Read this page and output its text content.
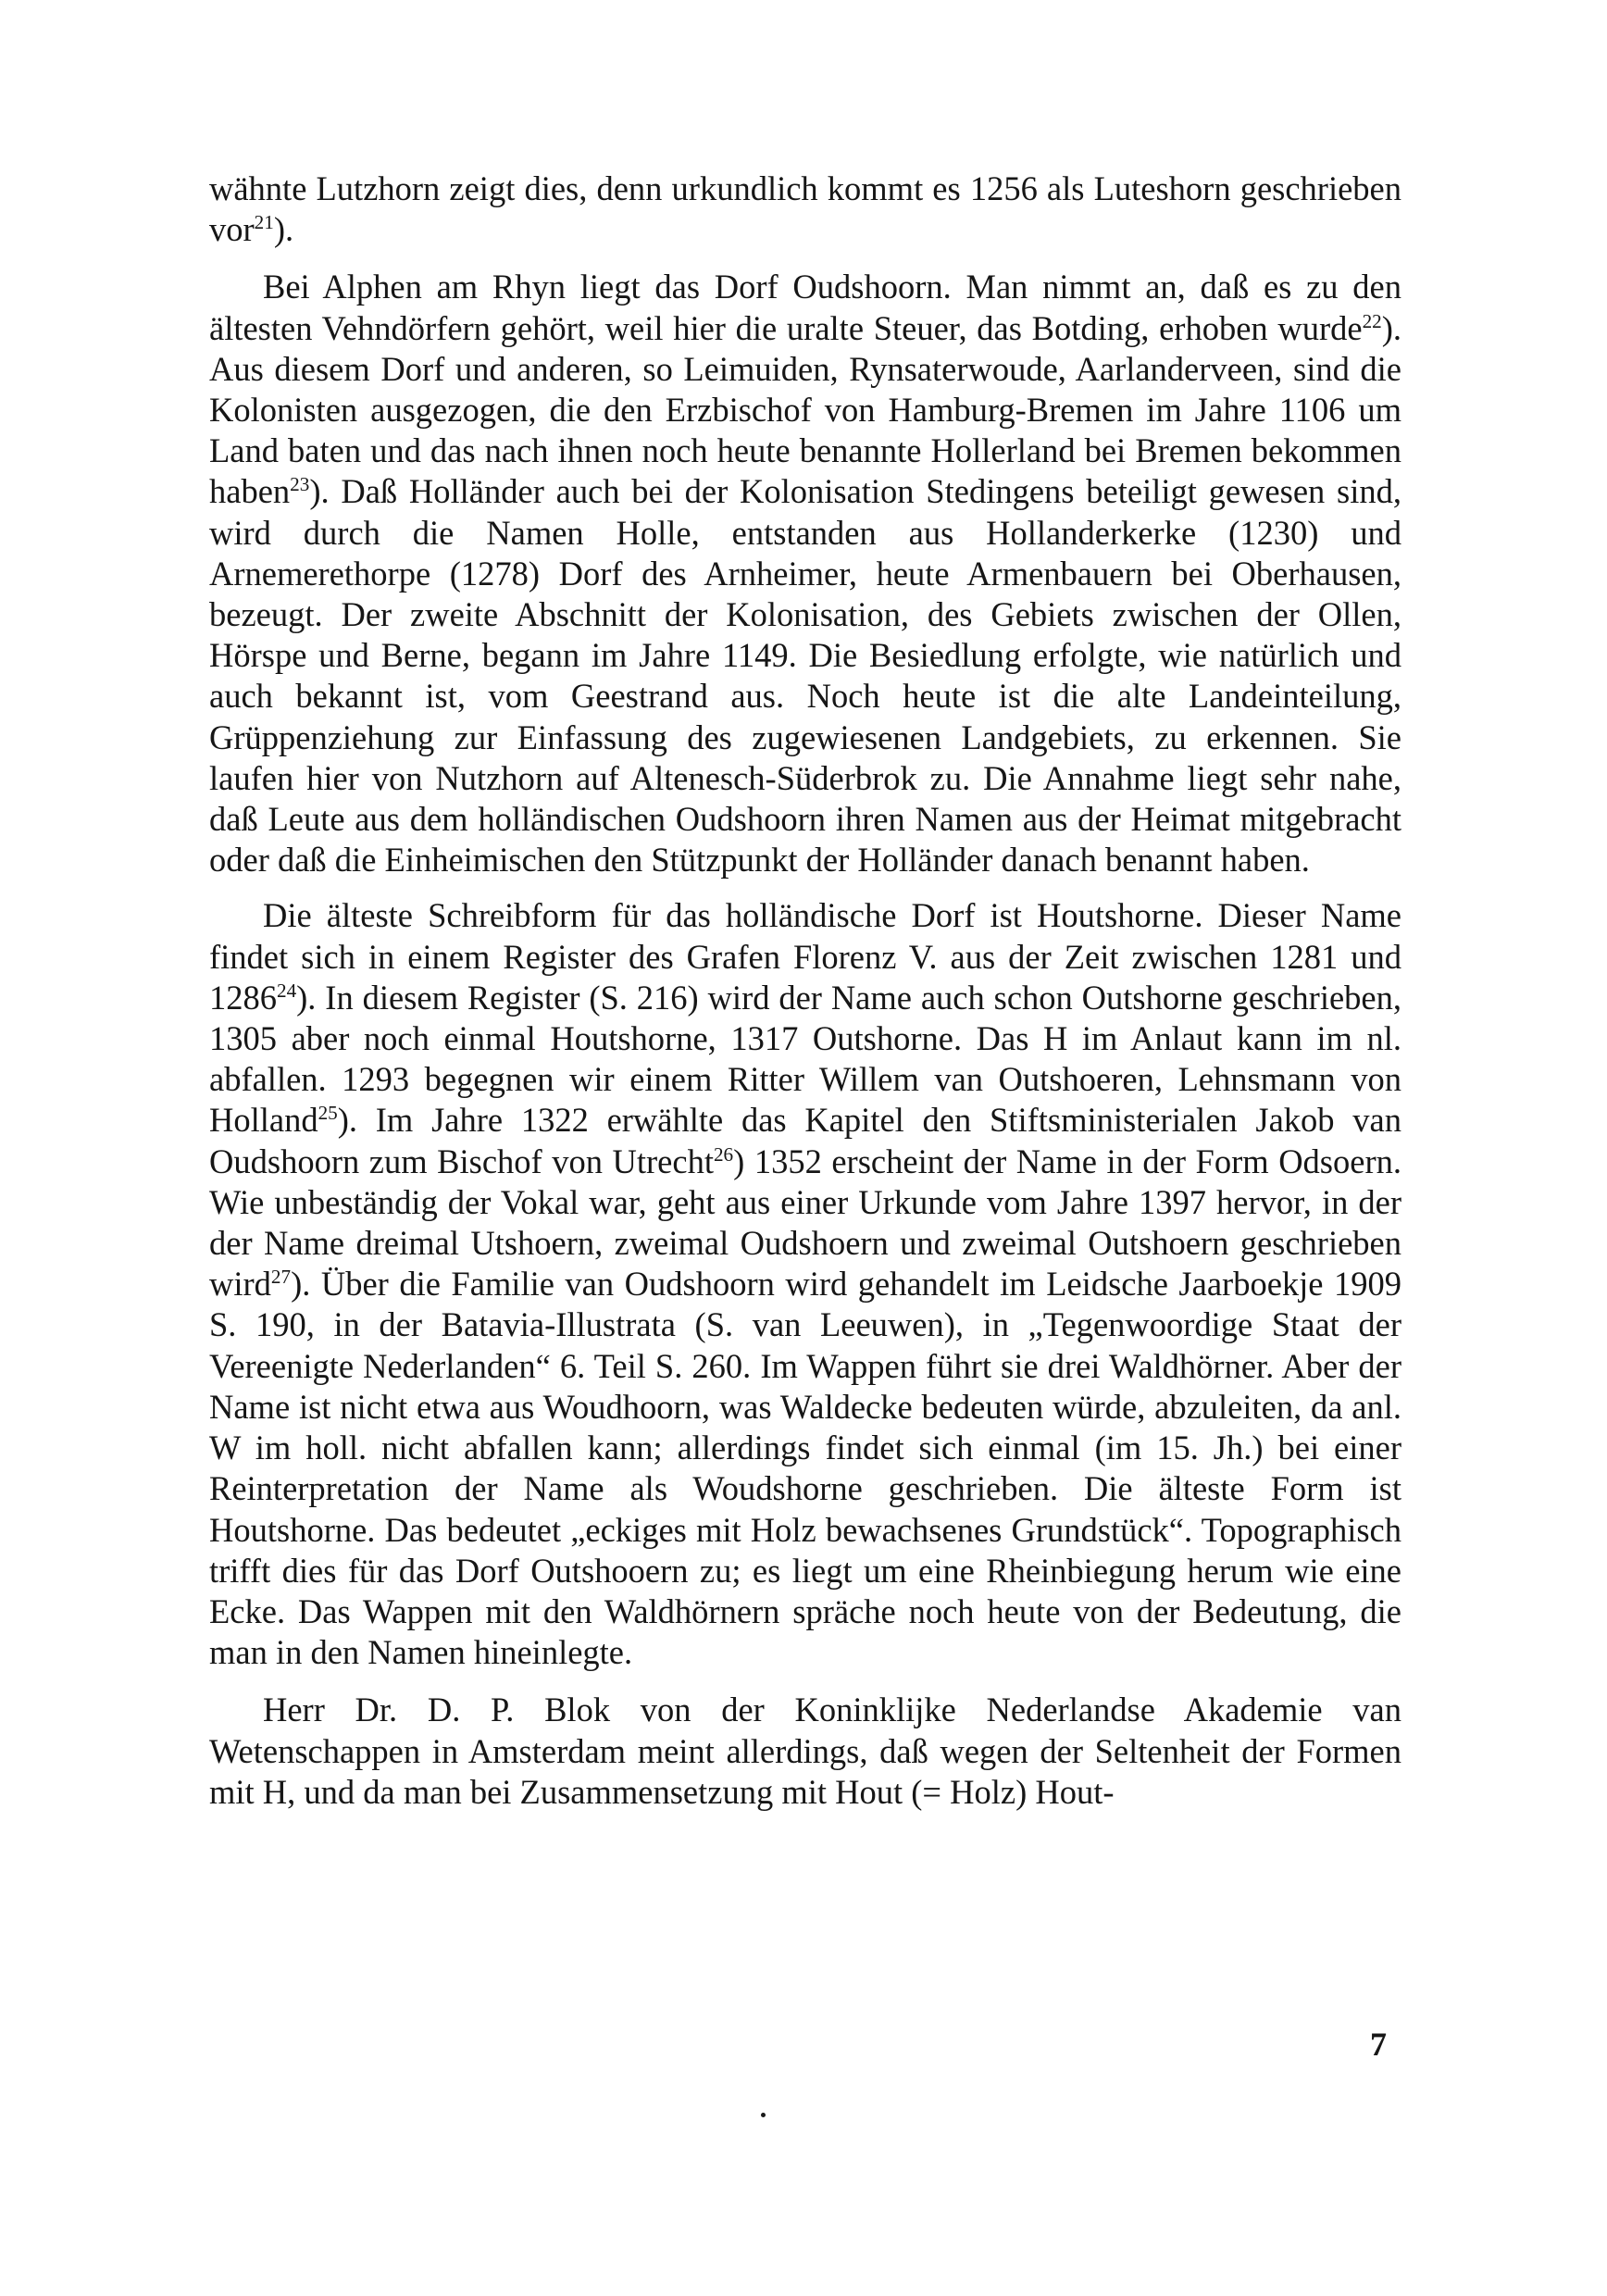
wähnte Lutzhorn zeigt dies, denn urkundlich kommt es 1256 als Luteshorn geschrieben vor$^{21}$).

Bei Alphen am Rhyn liegt das Dorf Oudshoorn. Man nimmt an, daß es zu den ältesten Vehndörfern gehört, weil hier die uralte Steuer, das Botding, erhoben wurde$^{22}$). Aus diesem Dorf und anderen, so Leimuiden, Rynsaterwoude, Aarlanderveen, sind die Kolonisten ausgezogen, die den Erzbischof von Hamburg-Bremen im Jahre 1106 um Land baten und das nach ihnen noch heute benannte Hollerland bei Bremen bekommen haben$^{23}$). Daß Holländer auch bei der Kolonisation Stedingens beteiligt gewesen sind, wird durch die Namen Holle, entstanden aus Hollanderkerke (1230) und Arnemerethorpe (1278) Dorf des Arnheimer, heute Armenbauern bei Oberhausen, bezeugt. Der zweite Abschnitt der Kolonisation, des Gebiets zwischen der Ollen, Hörspe und Berne, begann im Jahre 1149. Die Besiedlung erfolgte, wie natürlich und auch bekannt ist, vom Geestrand aus. Noch heute ist die alte Landeinteilung, Grüppenziehung zur Einfassung des zugewiesenen Landgebiets, zu erkennen. Sie laufen hier von Nutzhorn auf Altenesch-Süderbrok zu. Die Annahme liegt sehr nahe, daß Leute aus dem holländischen Oudshoorn ihren Namen aus der Heimat mitgebracht oder daß die Einheimischen den Stützpunkt der Holländer danach benannt haben.

Die älteste Schreibform für das holländische Dorf ist Houtshorne. Dieser Name findet sich in einem Register des Grafen Florenz V. aus der Zeit zwischen 1281 und 1286$^{24}$). In diesem Register (S. 216) wird der Name auch schon Outshorne geschrieben, 1305 aber noch einmal Houtshorne, 1317 Outshorne. Das H im Anlaut kann im nl. abfallen. 1293 begegnen wir einem Ritter Willem van Outshoeren, Lehnsmann von Holland$^{25}$). Im Jahre 1322 erwählte das Kapitel den Stiftsministerialen Jakob van Oudshoorn zum Bischof von Utrecht$^{26}$) 1352 erscheint der Name in der Form Odsoern. Wie unbeständig der Vokal war, geht aus einer Urkunde vom Jahre 1397 hervor, in der der Name dreimal Utshoern, zweimal Oudshoern und zweimal Outshoern geschrieben wird$^{27}$). Über die Familie van Oudshoorn wird gehandelt im Leidsche Jaarboekje 1909 S. 190, in der Batavia-Illustrata (S. van Leeuwen), in „Tegenwoordige Staat der Vereenigte Nederlanden“ 6. Teil S. 260. Im Wappen führt sie drei Waldhörner. Aber der Name ist nicht etwa aus Woudhoorn, was Waldecke bedeuten würde, abzuleiten, da anl. W im holl. nicht abfallen kann; allerdings findet sich einmal (im 15. Jh.) bei einer Reinterpretation der Name als Woudshorne geschrieben. Die älteste Form ist Houtshorne. Das bedeutet „eckiges mit Holz bewachsenes Grundstück“. Topographisch trifft dies für das Dorf Outshooern zu; es liegt um eine Rheinbiegung herum wie eine Ecke. Das Wappen mit den Waldhörnern spräche noch heute von der Bedeutung, die man in den Namen hineinlegte.

Herr Dr. D. P. Blok von der Koninklijke Nederlandse Akademie van Wetenschappen in Amsterdam meint allerdings, daß wegen der Seltenheit der Formen mit H, und da man bei Zusammensetzung mit Hout (= Holz) Hout-

7
